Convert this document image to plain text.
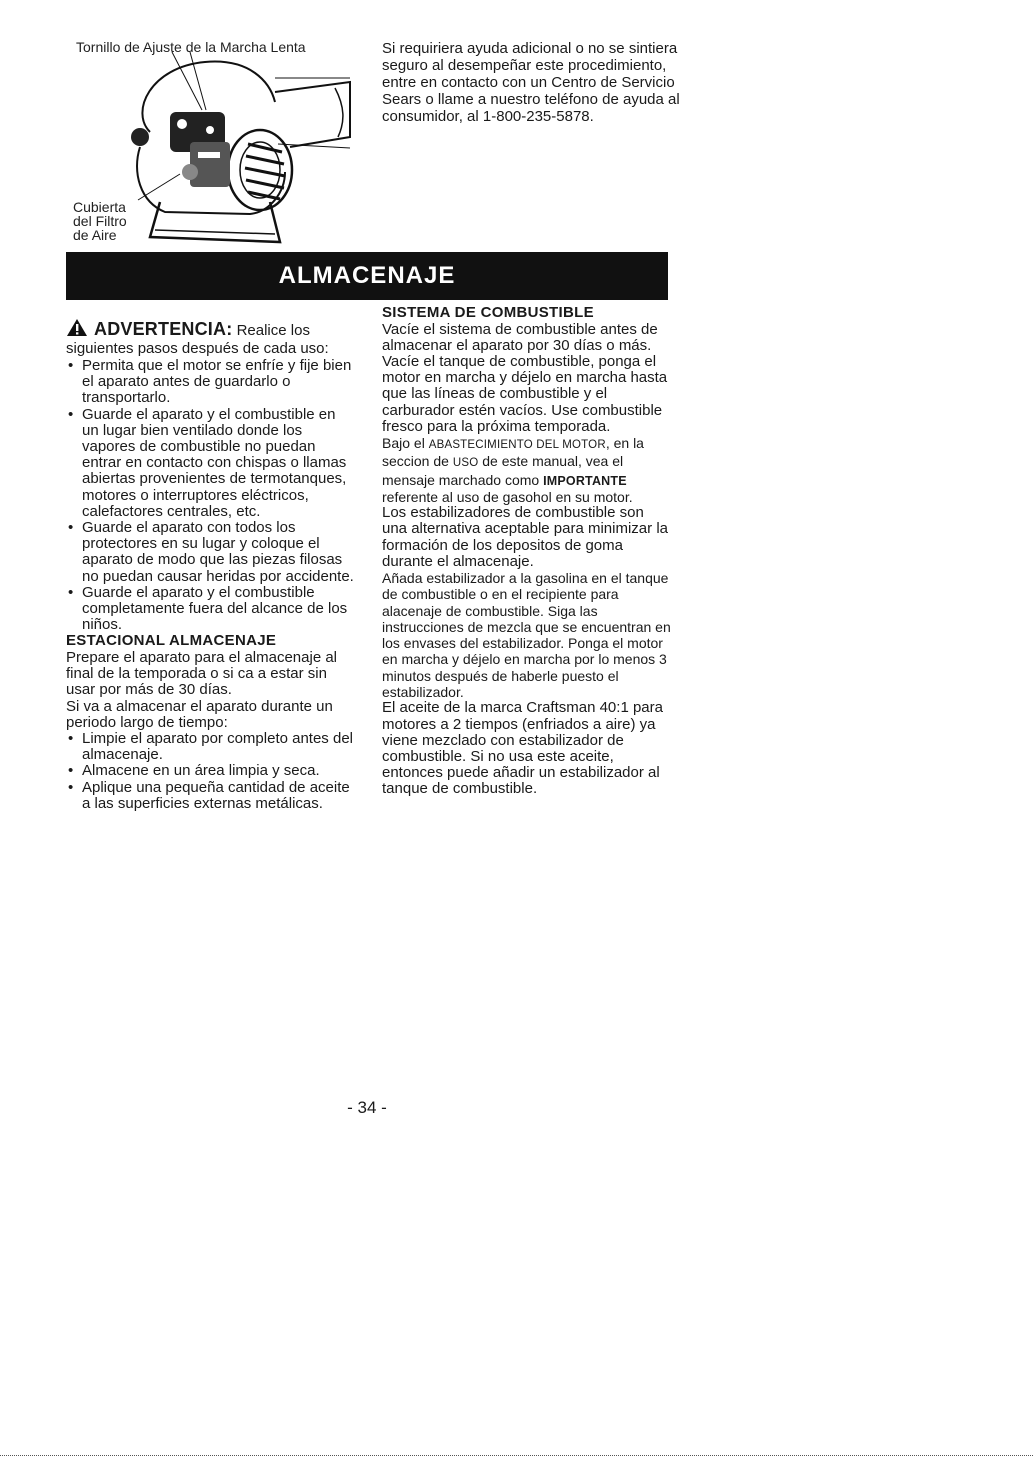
Tornillo de Ajuste de la Marcha Lenta
Cubierta
del Filtro
de Aire

Si requiriera ayuda adicional o no se sintiera seguro al desempeñar este procedimiento, entre en contacto con un Centro de Servicio Sears o llame a nuestro teléfono de ayuda al consumidor, al 1-800-235-5878.

ALMACENAJE
ADVERTENCIA: Realice los siguientes pasos después de cada uso:
• Permita que el motor se enfríe y fije bien el aparato antes de guardarlo o transportarlo.
• Guarde el aparato y el combustible en un lugar bien ventilado donde los vapores de combustible no puedan entrar en contacto con chispas o llamas abiertas provenientes de termotanques, motores o interruptores eléctricos, calefactores centrales, etc.
• Guarde el aparato con todos los protectores en su lugar y coloque el aparato de modo que las piezas filosas no puedan causar heridas por accidente.
• Guarde el aparato y el combustible completamente fuera del alcance de los niños.
ESTACIONAL ALMACENAJE

Prepare el aparato para el almacenaje al final de la temporada o si ca a estar sin usar por más de 30 días.

Si va a almacenar el aparato durante un periodo largo de tiempo:

• Limpie el aparato por completo antes del almacenaje.
• Almacene en un área limpia y seca.
• Aplique una pequeña cantidad de aceite a las superficies externas metálicas.
SISTEMA DE COMBUSTIBLE

Vacíe el sistema de combustible antes de almacenar el aparato por 30 días o más. Vacíe el tanque de combustible, ponga el motor en marcha y déjelo en marcha hasta que las líneas de combustible y el carburador estén vacíos. Use combustible fresco para la próxima temporada.

Bajo el ABASTECIMIENTO DEL MOTOR, en la seccion de USO de este manual, vea el mensaje marchado como IMPORTANTE referente al uso de gasohol en su motor.

Los estabilizadores de combustible son una alternativa aceptable para minimizar la formación de los depositos de goma durante el almacenaje.

Añada estabilizador a la gasolina en el tanque de combustible o en el recipiente para alacenaje de combustible. Siga las instrucciones de mezcla que se encuentran en los envases del estabilizador. Ponga el motor en marcha y déjelo en marcha por lo menos 3 minutos después de haberle puesto el estabilizador.

El aceite de la marca Craftsman 40:1 para motores a 2 tiempos (enfriados a aire) ya viene mezclado con estabilizador de combustible. Si no usa este aceite, entonces puede añadir un estabilizador al tanque de combustible.

- 34 -
